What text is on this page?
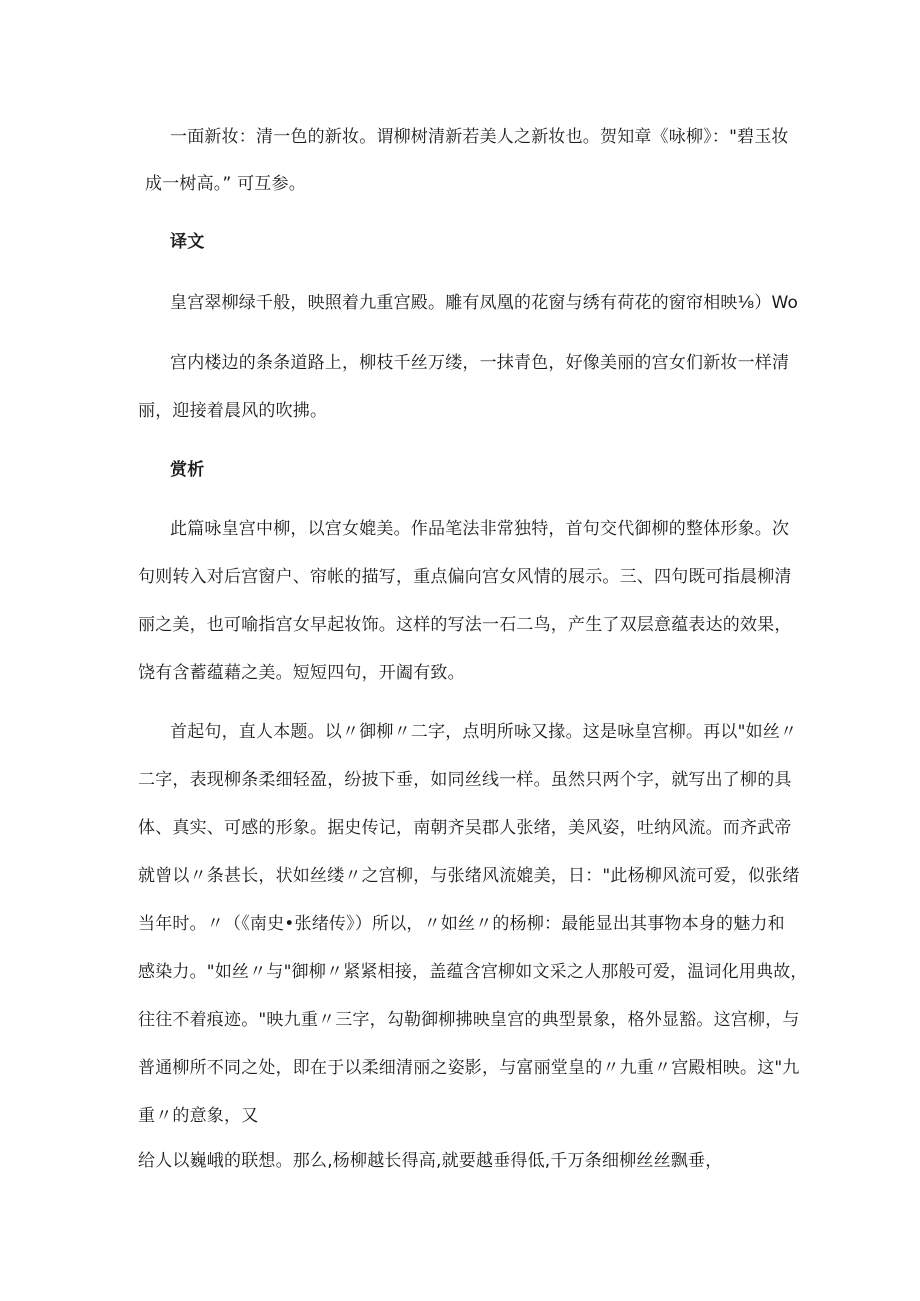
一面新妆：清一色的新妆。谓柳树清新若美人之新妆也。贺知章《咏柳》："碧玉妆
成一树高。” 可互参。
译文
皇宫翠柳绿千般，映照着九重宫殿。雕有凤凰的花窗与绣有荷花的窗帘相映⅛）Wo
宫内楼边的条条道路上，柳枝千丝万缕，一抹青色，好像美丽的宫女们新妆一样清
丽，迎接着晨风的吹拂。
赏析
此篇咏皇宫中柳，以宫女媲美。作品笔法非常独特，首句交代御柳的整体形象。次
句则转入对后宫窗户、帘帐的描写，重点偏向宫女风情的展示。三、四句既可指晨柳清
丽之美，也可喻指宫女早起妆饰。这样的写法一石二鸟，产生了双层意蕴表达的效果，
饶有含蓄蕴藉之美。短短四句，开阖有致。
首起句，直人本题。以〃御柳〃二字，点明所咏又掾。这是咏皇宫柳。再以"如丝〃
二字，表现柳条柔细轻盈，纷披下垂，如同丝线一样。虽然只两个字，就写出了柳的具
体、真实、可感的形象。据史传记，南朝齐吴郡人张绪，美风姿，吐纳风流。而齐武帝
就曾以〃条甚长，状如丝缕〃之宫柳，与张绪风流媲美，日："此杨柳风流可爱，似张绪
当年时。〃（《南史•张绪传》）所以，〃如丝〃的杨柳：最能显出其事物本身的魅力和
感染力。"如丝〃与"御柳〃紧紧相接，盖蕴含宫柳如文采之人那般可爱，温词化用典故，
往往不着痕迹。"映九重〃三字，勾勒御柳拂映皇宫的典型景象，格外显豁。这宫柳，与
普通柳所不同之处，即在于以柔细清丽之姿影，与富丽堂皇的〃九重〃宫殿相映。这"九
重〃的意象，又
给人以巍峨的联想。那么,杨柳越长得高,就要越垂得低,千万条细柳丝丝飘垂，
